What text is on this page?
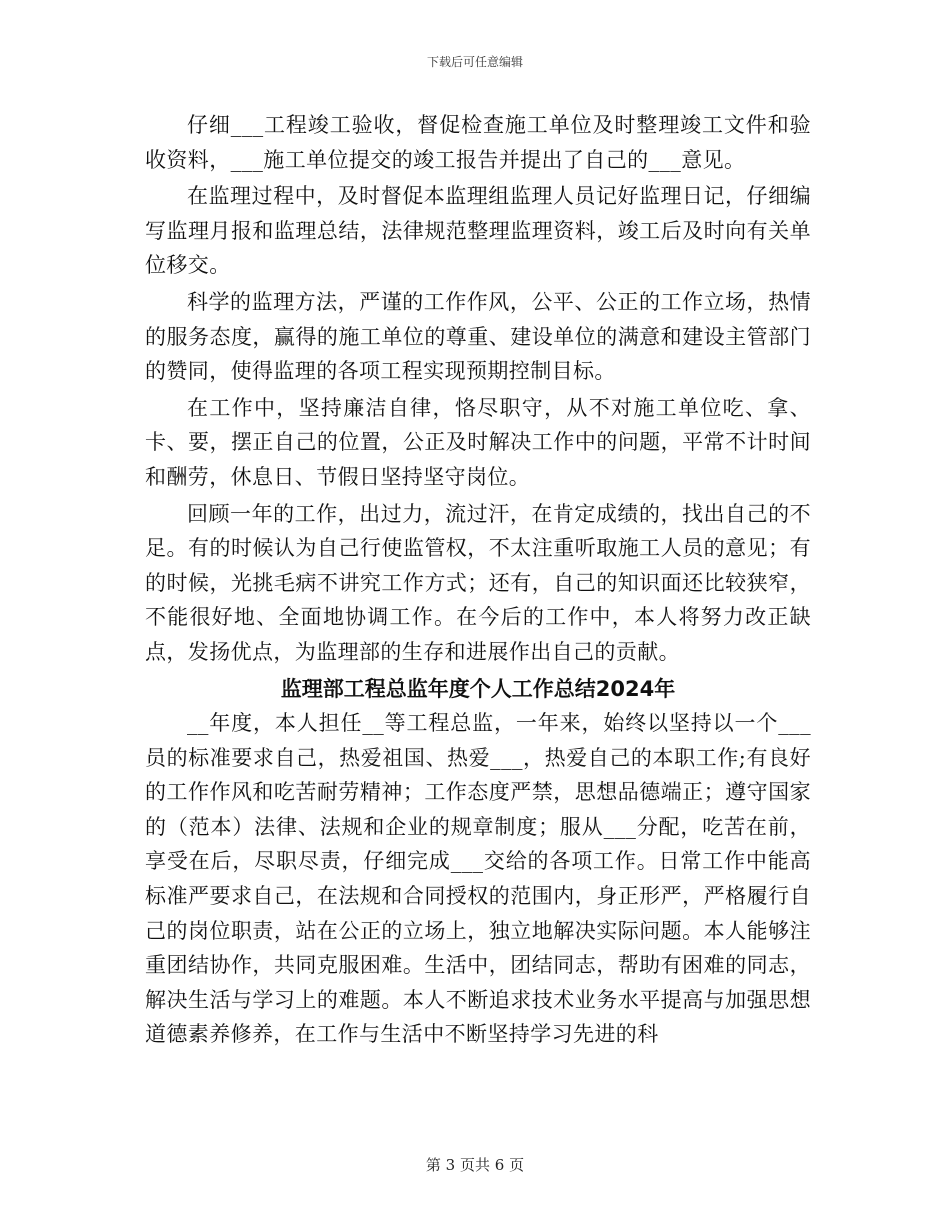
下载后可任意编辑

仔细___工程竣工验收，督促检查施工单位及时整理竣工文件和验收资料，___施工单位提交的竣工报告并提出了自己的___意见。

在监理过程中，及时督促本监理组监理人员记好监理日记，仔细编写监理月报和监理总结，法律规范整理监理资料，竣工后及时向有关单位移交。

科学的监理方法，严谨的工作作风，公平、公正的工作立场，热情的服务态度，赢得的施工单位的尊重、建设单位的满意和建设主管部门的赞同，使得监理的各项工程实现预期控制目标。

在工作中，坚持廉洁自律，恪尽职守，从不对施工单位吃、拿、卡、要，摆正自己的位置，公正及时解决工作中的问题，平常不计时间和酬劳，休息日、节假日坚持坚守岗位。

回顾一年的工作，出过力，流过汗，在肯定成绩的，找出自己的不足。有的时候认为自己行使监管权，不太注重听取施工人员的意见；有的时候，光挑毛病不讲究工作方式；还有，自己的知识面还比较狭窄，不能很好地、全面地协调工作。在今后的工作中，本人将努力改正缺点，发扬优点，为监理部的生存和进展作出自己的贡献。

监理部工程总监年度个人工作总结2024年

__年度，本人担任__等工程总监，一年来，始终以坚持以一个___员的标准要求自己，热爱祖国、热爱___，热爱自己的本职工作;有良好的工作作风和吃苦耐劳精神；工作态度严禁，思想品德端正；遵守国家的（范本）法律、法规和企业的规章制度；服从___分配，吃苦在前，享受在后，尽职尽责，仔细完成___交给的各项工作。日常工作中能高标准严要求自己，在法规和合同授权的范围内，身正形严，严格履行自己的岗位职责，站在公正的立场上，独立地解决实际问题。本人能够注重团结协作，共同克服困难。生活中，团结同志，帮助有困难的同志，解决生活与学习上的难题。本人不断追求技术业务水平提高与加强思想道德素养修养，在工作与生活中不断坚持学习先进的科

第 3 页共 6 页
